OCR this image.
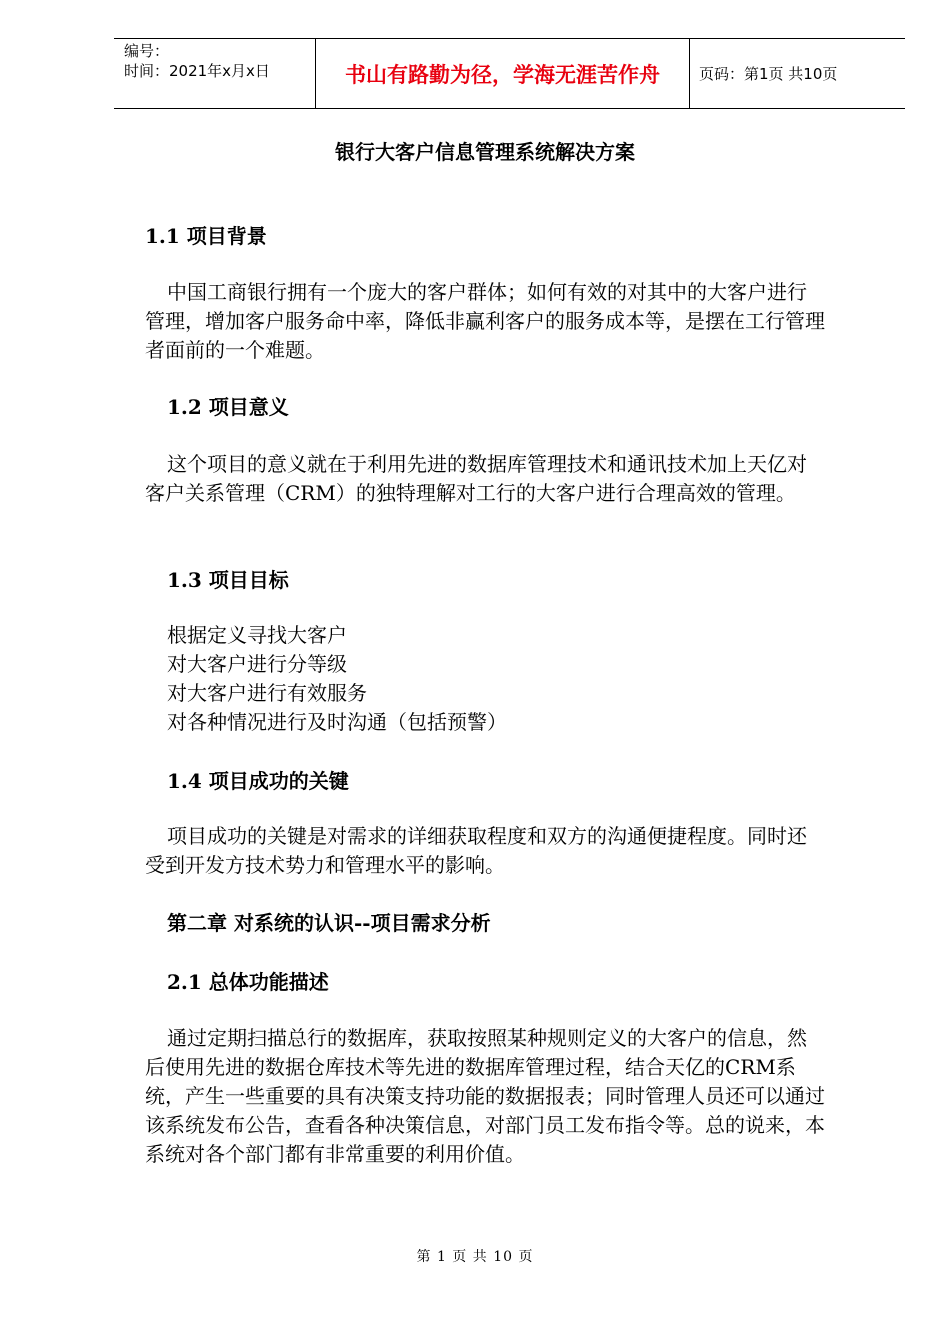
编号：
时间：2021年x月x日	书山有路勤为径，学海无涯苦作舟	页码：第1页 共10页
银行大客户信息管理系统解决方案
1.1 项目背景

中国工商银行拥有一个庞大的客户群体；如何有效的对其中的大客户进行管理，增加客户服务命中率，降低非赢利客户的服务成本等，是摆在工行管理者面前的一个难题。

1.2 项目意义

这个项目的意义就在于利用先进的数据库管理技术和通讯技术加上天亿对客户关系管理（CRM）的独特理解对工行的大客户进行合理高效的管理。

1.3 项目目标
根据定义寻找大客户
对大客户进行分等级
对大客户进行有效服务
对各种情况进行及时沟通（包括预警）
1.4 项目成功的关键

项目成功的关键是对需求的详细获取程度和双方的沟通便捷程度。同时还受到开发方技术势力和管理水平的影响。

第二章 对系统的认识--项目需求分析
2.1 总体功能描述

通过定期扫描总行的数据库，获取按照某种规则定义的大客户的信息，然后使用先进的数据仓库技术等先进的数据库管理过程，结合天亿的CRM系统，产生一些重要的具有决策支持功能的数据报表；同时管理人员还可以通过该系统发布公告，查看各种决策信息，对部门员工发布指令等。总的说来，本系统对各个部门都有非常重要的利用价值。

第 1 页 共 10 页
